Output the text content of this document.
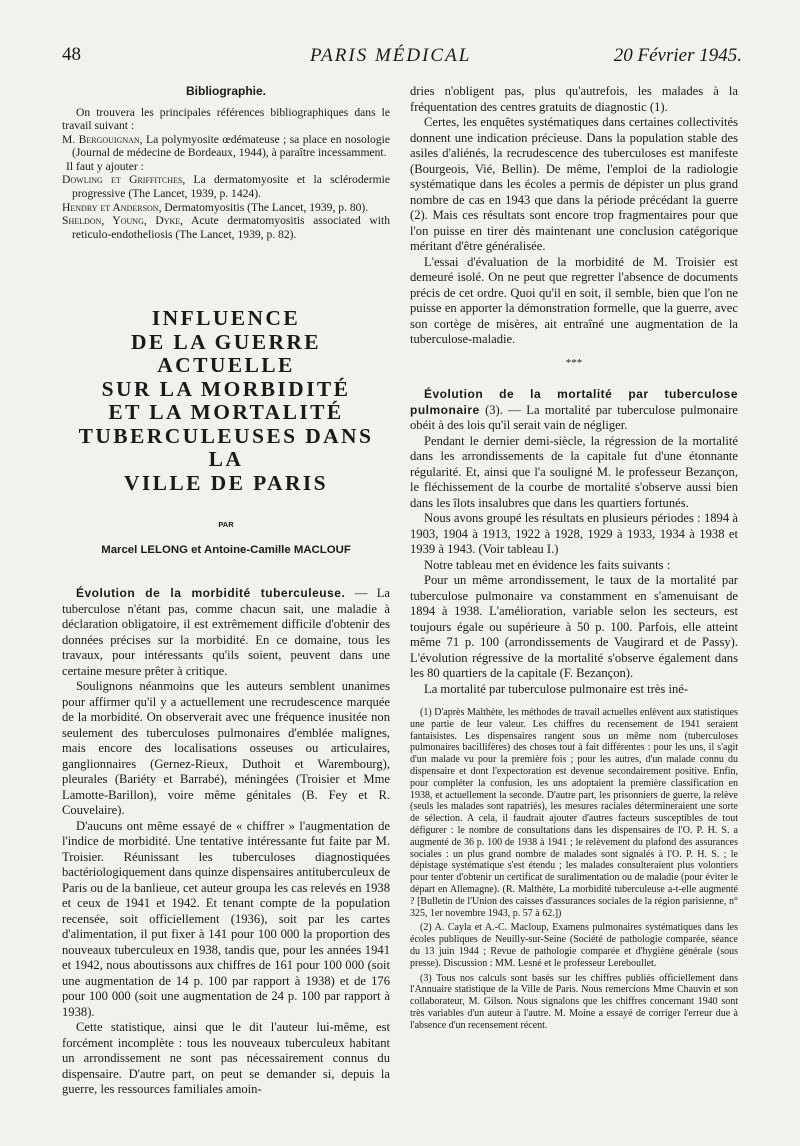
48	PARIS MÉDICAL	20 Février 1945.

Bibliographie.

On trouvera les principales références bibliographiques dans le travail suivant :

M. Bergouignan, La polymyosite œdémateuse ; sa place en nosologie (Journal de médecine de Bordeaux, 1944), à paraître incessamment.

Il faut y ajouter :

Dowling et Griffitches, La dermatomyosite et la sclérodermie progressive (The Lancet, 1939, p. 1424).

Hendry et Anderson, Dermatomyositis (The Lancet, 1939, p. 80).

Sheldon, Young, Dyke, Acute dermatomyositis associated with reticulo-endotheliosis (The Lancet, 1939, p. 82).

INFLUENCE
DE LA GUERRE ACTUELLE
SUR LA MORBIDITÉ
ET LA MORTALITÉ
TUBERCULEUSES DANS LA
VILLE DE PARIS
PAR
Marcel LELONG et Antoine-Camille MACLOUF

Évolution de la morbidité tuberculeuse. — La tuberculose n'étant pas, comme chacun sait, une maladie à déclaration obligatoire, il est extrêmement difficile d'obtenir des données précises sur la morbidité. En ce domaine, tous les travaux, pour intéressants qu'ils soient, peuvent dans une certaine mesure prêter à critique.

Soulignons néanmoins que les auteurs semblent unanimes pour affirmer qu'il y a actuellement une recrudescence marquée de la morbidité. On observerait avec une fréquence inusitée non seulement des tuberculoses pulmonaires d'emblée malignes, mais encore des localisations osseuses ou articulaires, ganglionnaires (Gernez-Rieux, Duthoit et Warembourg), pleurales (Bariéty et Barrabé), méningées (Troisier et Mme Lamotte-Barillon), voire même génitales (B. Fey et R. Couvelaire).

D'aucuns ont même essayé de « chiffrer » l'augmentation de l'indice de morbidité. Une tentative intéressante fut faite par M. Troisier. Réunissant les tuberculoses diagnostiquées bactériologiquement dans quinze dispensaires antituberculeux de Paris ou de la banlieue, cet auteur groupa les cas relevés en 1938 et ceux de 1941 et 1942. Et tenant compte de la population recensée, soit officiellement (1936), soit par les cartes d'alimentation, il put fixer à 141 pour 100 000 la proportion des nouveaux tuberculeux en 1938, tandis que, pour les années 1941 et 1942, nous aboutissons aux chiffres de 161 pour 100 000 (soit une augmentation de 14 p. 100 par rapport à 1938) et de 176 pour 100 000 (soit une augmentation de 24 p. 100 par rapport à 1938).

Cette statistique, ainsi que le dit l'auteur lui-même, est forcément incomplète : tous les nouveaux tuberculeux habitant un arrondissement ne sont pas nécessairement connus du dispensaire. D'autre part, on peut se demander si, depuis la guerre, les ressources familiales amoin-

dries n'obligent pas, plus qu'autrefois, les malades à la fréquentation des centres gratuits de diagnostic (1).

Certes, les enquêtes systématiques dans certaines collectivités donnent une indication précieuse. Dans la population stable des asiles d'aliénés, la recrudescence des tuberculoses est manifeste (Bourgeois, Vié, Bellin). De même, l'emploi de la radiologie systématique dans les écoles a permis de dépister un plus grand nombre de cas en 1943 que dans la période précédant la guerre (2). Mais ces résultats sont encore trop fragmentaires pour que l'on puisse en tirer dès maintenant une conclusion catégorique méritant d'être généralisée.

L'essai d'évaluation de la morbidité de M. Troisier est demeuré isolé. On ne peut que regretter l'absence de documents précis de cet ordre. Quoi qu'il en soit, il semble, bien que l'on ne puisse en apporter la démonstration formelle, que la guerre, avec son cortège de misères, ait entraîné une augmentation de la tuberculose-maladie.

***

Évolution de la mortalité par tuberculose pulmonaire (3). — La mortalité par tuberculose pulmonaire obéit à des lois qu'il serait vain de négliger.

Pendant le dernier demi-siècle, la régression de la mortalité dans les arrondissements de la capitale fut d'une étonnante régularité. Et, ainsi que l'a souligné M. le professeur Bezançon, le fléchissement de la courbe de mortalité s'observe aussi bien dans les îlots insalubres que dans les quartiers fortunés.

Nous avons groupé les résultats en plusieurs périodes : 1894 à 1903, 1904 à 1913, 1922 à 1928, 1929 à 1933, 1934 à 1938 et 1939 à 1943. (Voir tableau I.)

Notre tableau met en évidence les faits suivants :

Pour un même arrondissement, le taux de la mortalité par tuberculose pulmonaire va constamment en s'amenuisant de 1894 à 1938. L'amélioration, variable selon les secteurs, est toujours égale ou supérieure à 50 p. 100. Parfois, elle atteint même 71 p. 100 (arrondissements de Vaugirard et de Passy). L'évolution régressive de la mortalité s'observe également dans les 80 quartiers de la capitale (F. Bezançon).

La mortalité par tuberculose pulmonaire est très iné-

(1) D'après Malthète, les méthodes de travail actuelles enlèvent aux statistiques une partie de leur valeur. Les chiffres du recensement de 1941 seraient fantaisistes. Les dispensaires rangent sous un même nom (tuberculoses pulmonaires bacillifères) des choses tout à fait différentes : pour les uns, il s'agit d'un malade vu pour la première fois ; pour les autres, d'un malade connu du dispensaire et dont l'expectoration est devenue secondairement positive. Enfin, pour compléter la confusion, les uns adoptaient la première classification en 1938, et actuellement la seconde. D'autre part, les prisonniers de guerre, la relève (seuls les malades sont rapatriés), les mesures raciales détermineraient une sorte de sélection. A cela, il faudrait ajouter d'autres facteurs susceptibles de tout défigurer : le nombre de consultations dans les dispensaires de l'O. P. H. S. a augmenté de 36 p. 100 de 1938 à 1941 ; le relèvement du plafond des assurances sociales : un plus grand nombre de malades sont signalés à l'O. P. H. S. ; le dépistage systématique s'est étendu ; les malades consulteraient plus volontiers pour tenter d'obtenir un certificat de suralimentation ou de maladie (pour éviter le départ en Allemagne). (R. Malthète, La morbidité tuberculeuse a-t-elle augmenté ? [Bulletin de l'Union des caisses d'assurances sociales de la région parisienne, n° 325, 1er novembre 1943, p. 57 à 62.])

(2) A. Cayla et A.-C. Macloup, Examens pulmonaires systématiques dans les écoles publiques de Neuilly-sur-Seine (Société de pathologie comparée, séance du 13 juin 1944 ; Revue de pathologie comparée et d'hygiène générale (sous presse). Discussion : MM. Lesné et le professeur Lereboullet.

(3) Tous nos calculs sont basés sur les chiffres publiés officiellement dans l'Annuaire statistique de la Ville de Paris. Nous remercions Mme Chauvin et son collaborateur, M. Gilson. Nous signalons que les chiffres concernant 1940 sont très variables d'un auteur à l'autre. M. Moine a essayé de corriger l'erreur due à l'absence d'un recensement récent.
